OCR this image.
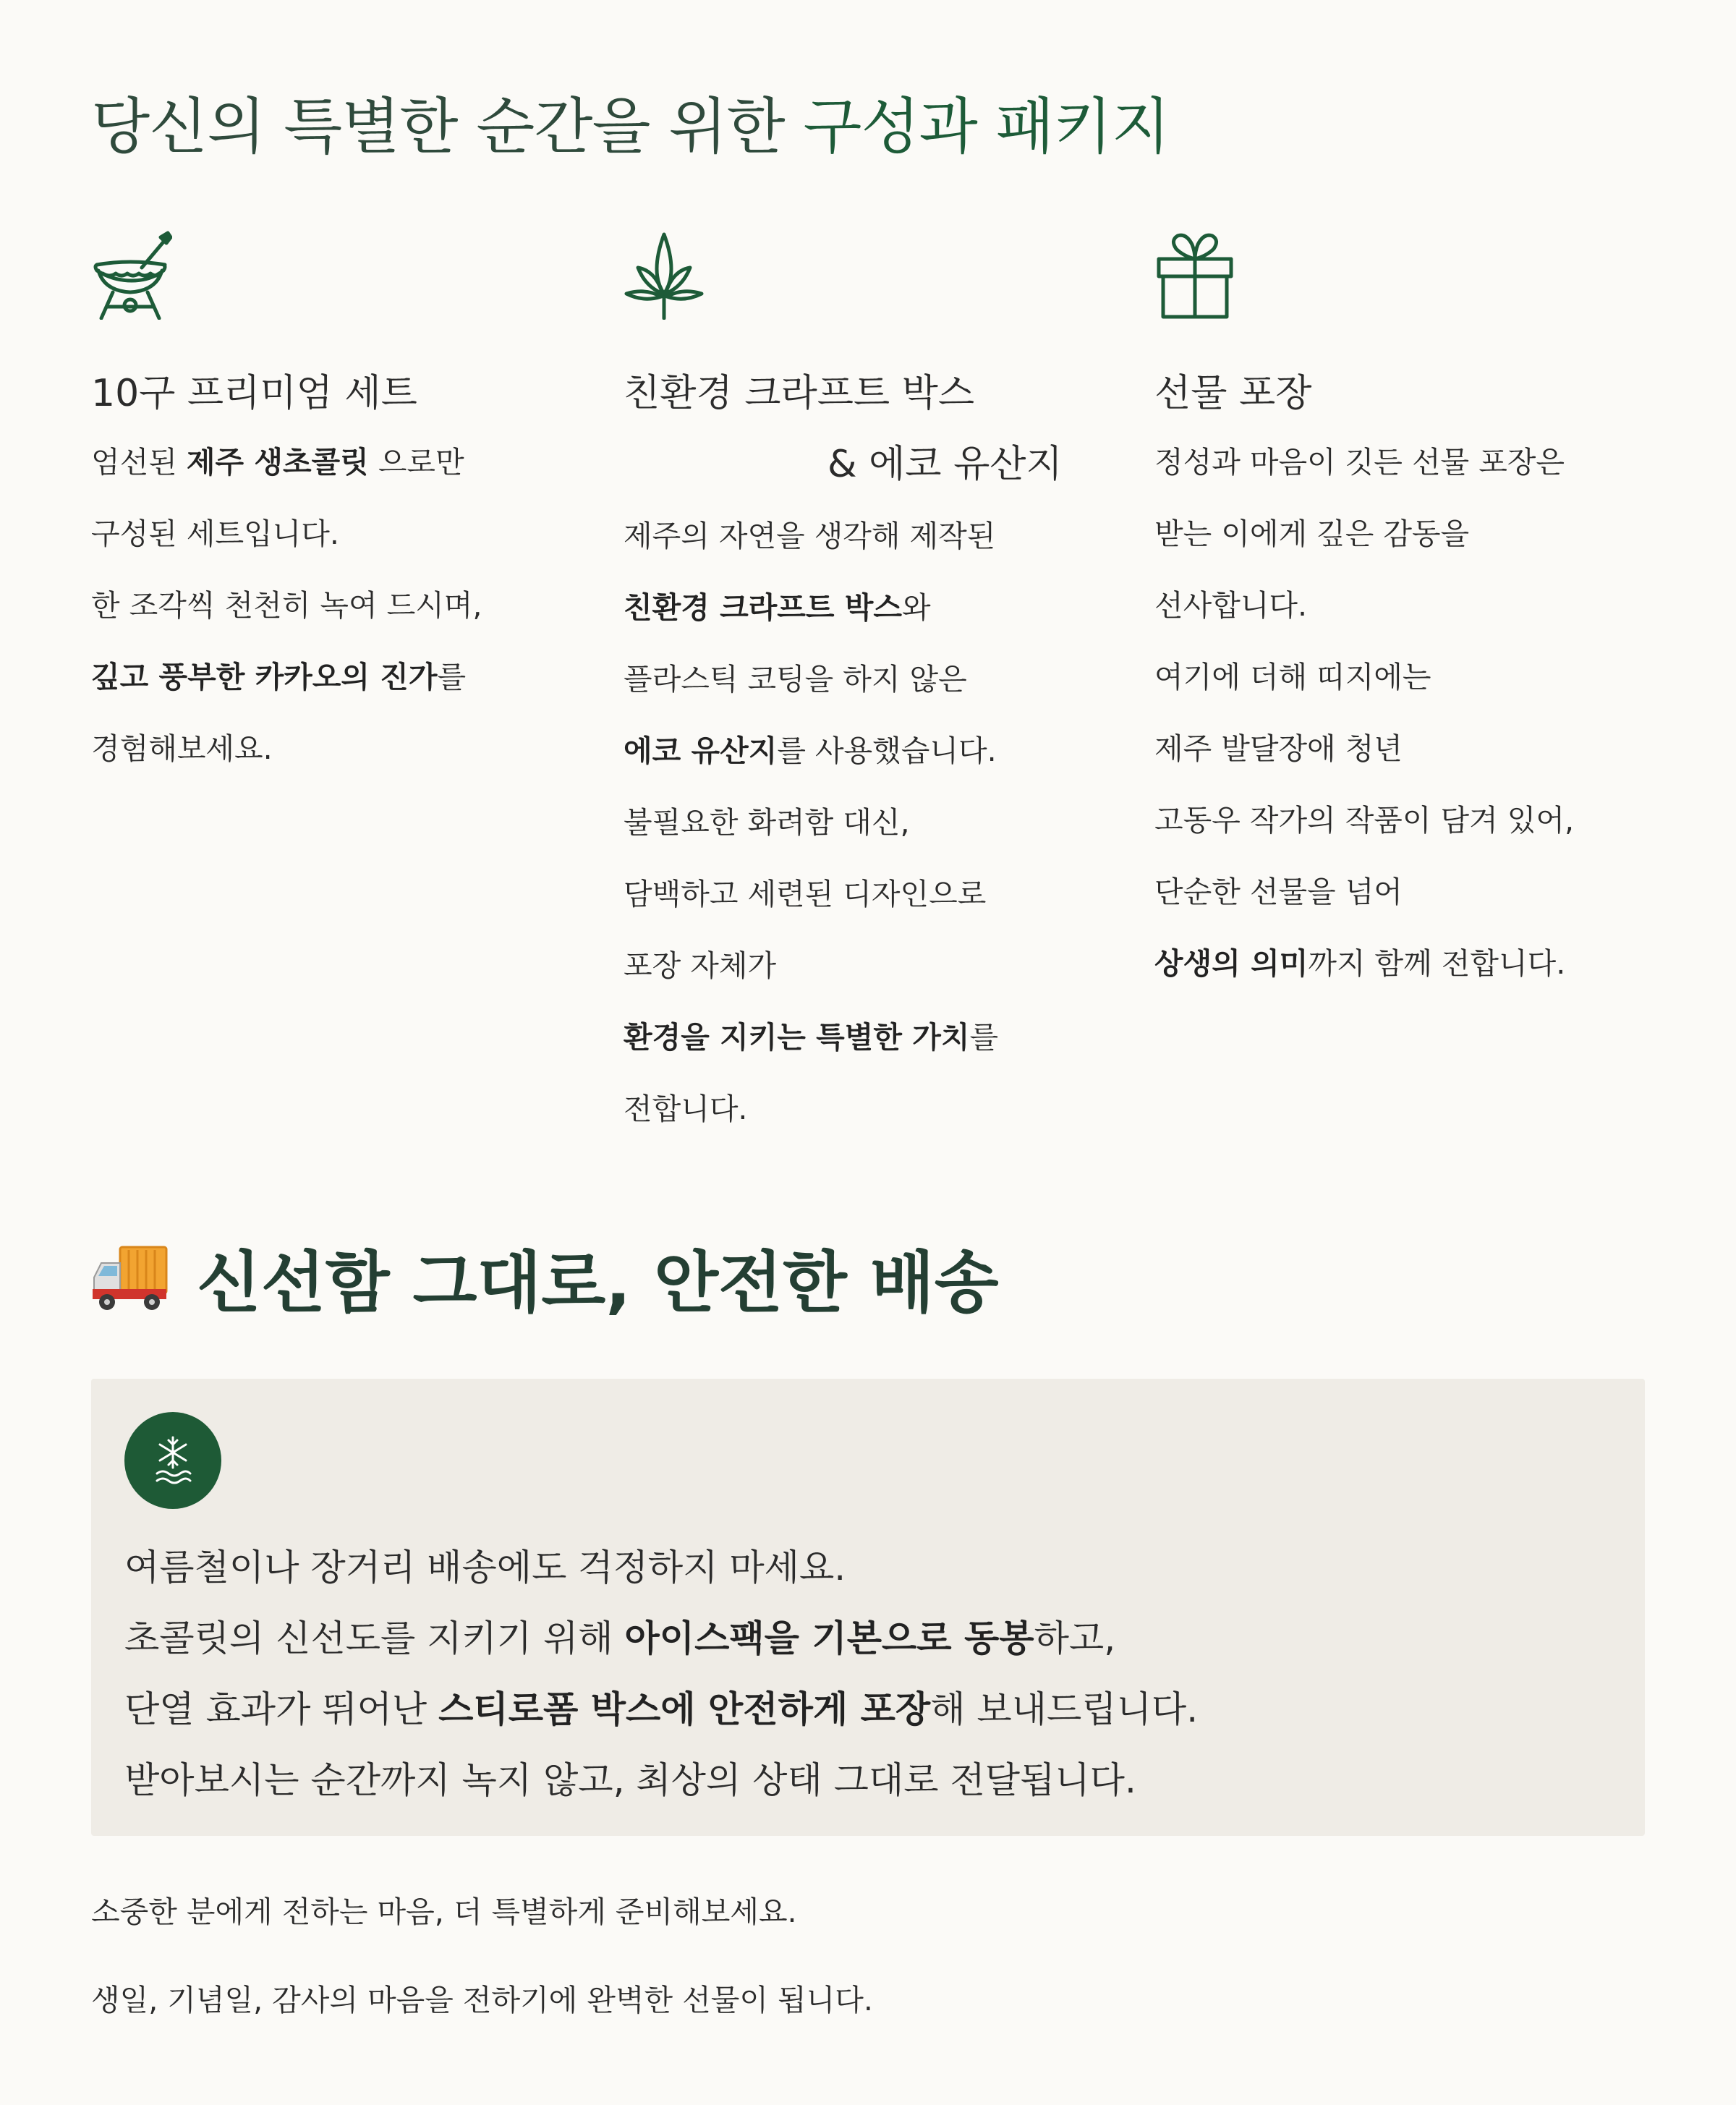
당신의 특별한 순간을 위한 구성과 패키지
10구 프리미엄 세트
엄선된 제주 생초콜릿 으로만
구성된 세트입니다.
한 조각씩 천천히 녹여 드시며,
깊고 풍부한 카카오의 진가를
경험해보세요.
친환경 크라프트 박스
& 에코 유산지
제주의 자연을 생각해 제작된
친환경 크라프트 박스와
플라스틱 코팅을 하지 않은
에코 유산지를 사용했습니다.
불필요한 화려함 대신,
담백하고 세련된 디자인으로
포장 자체가
환경을 지키는 특별한 가치를
전합니다.
선물 포장
정성과 마음이 깃든 선물 포장은
받는 이에게 깊은 감동을
선사합니다.
여기에 더해 띠지에는
제주 발달장애 청년
고동우 작가의 작품이 담겨 있어,
단순한 선물을 넘어
상생의 의미까지 함께 전합니다.
신선함 그대로, 안전한 배송
여름철이나 장거리 배송에도 걱정하지 마세요.
초콜릿의 신선도를 지키기 위해 아이스팩을 기본으로 동봉하고,
단열 효과가 뛰어난 스티로폼 박스에 안전하게 포장해 보내드립니다.
받아보시는 순간까지 녹지 않고, 최상의 상태 그대로 전달됩니다.
소중한 분에게 전하는 마음, 더 특별하게 준비해보세요.
생일, 기념일, 감사의 마음을 전하기에 완벽한 선물이 됩니다.
